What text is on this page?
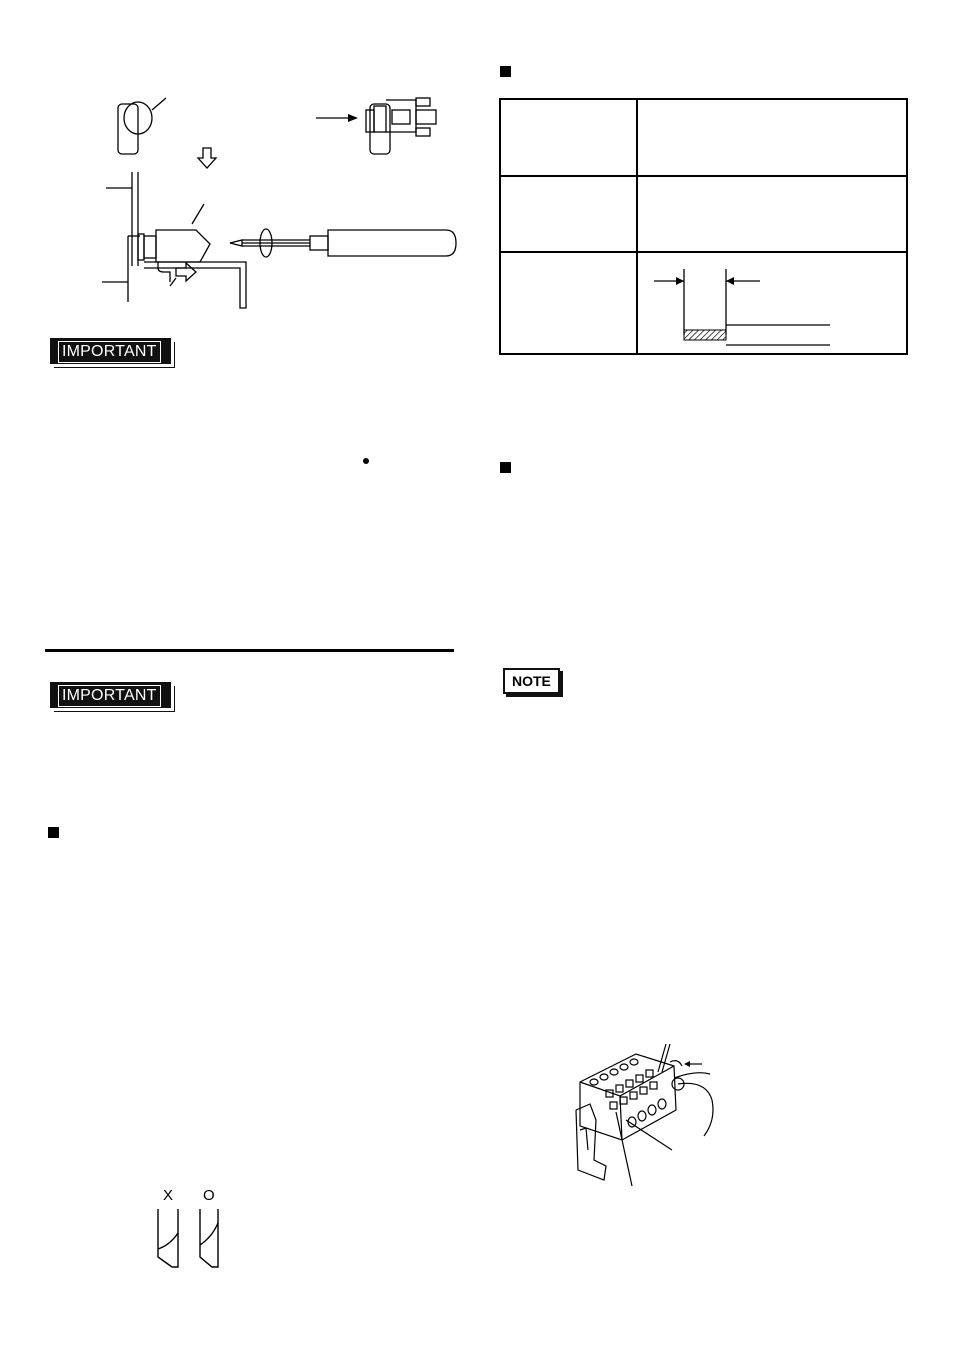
IMPORTANT
IMPORTANT

NOTE
X O
